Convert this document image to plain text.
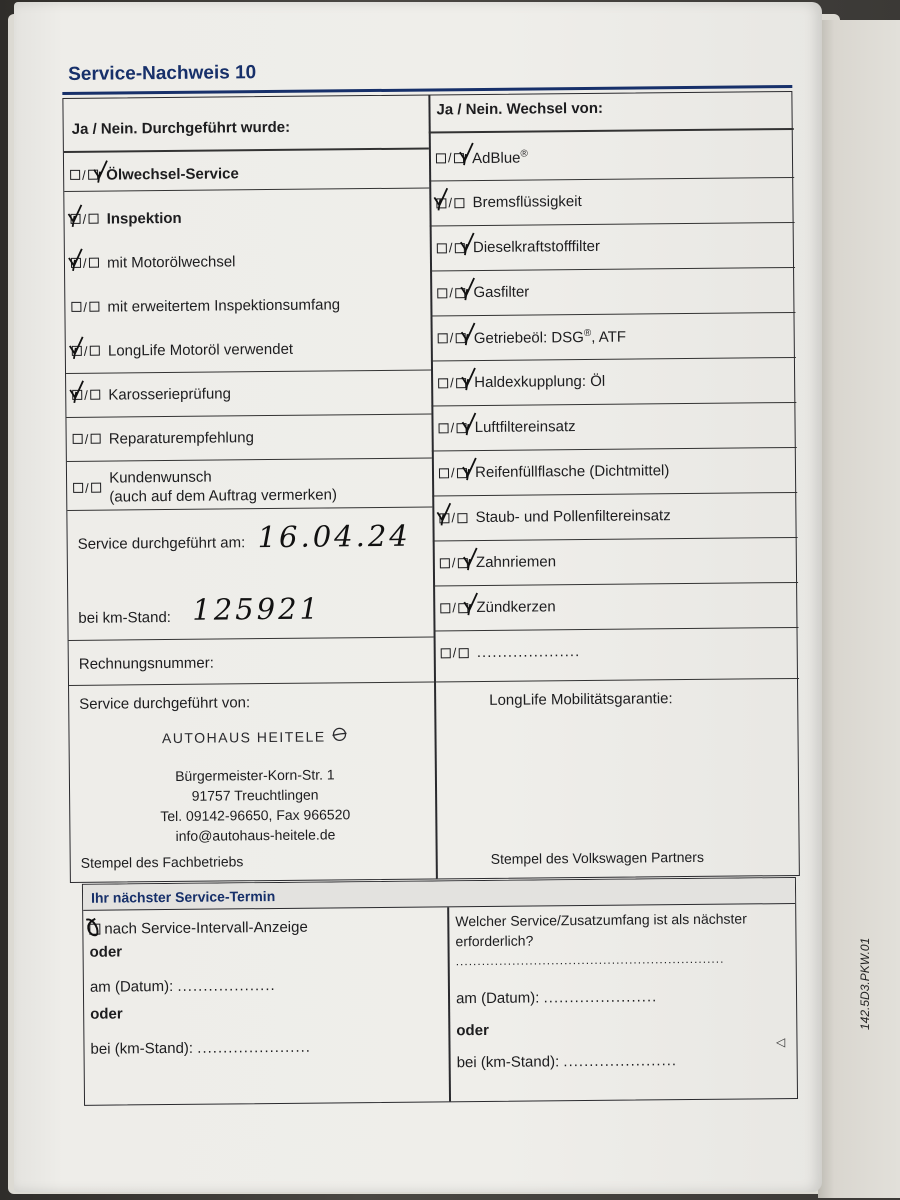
Service-Nachweis 10
Ja / Nein. Durchgeführt wurde:
Ja / Nein. Wechsel von:
/ Ölwechsel-Service
/ Inspektion
/ mit Motorölwechsel
/ mit erweitertem Inspektionsumfang
/ LongLife Motoröl verwendet
/ Karosserieprüfung
/ Reparaturempfehlung
/
Kundenwunsch
(auch auf dem Auftrag vermerken)
/ AdBlue®
/ Bremsflüssigkeit
/ Dieselkraftstofffilter
/ Gasfilter
/ Getriebeöl: DSG®, ATF
/ Haldexkupplung: Öl
/ Luftfiltereinsatz
/ Reifenfüllflasche (Dichtmittel)
/ Staub- und Pollenfiltereinsatz
/ Zahnriemen
/ Zündkerzen
/ ....................
Service durchgeführt am: 16.04.24
bei km-Stand: 125921
Rechnungsnummer:
Service durchgeführt von:
AUTOHAUS HEITELE
Bürgermeister-Korn-Str. 1
91757 Treuchtlingen
Tel. 09142-96650, Fax 966520
info@autohaus-heitele.de
Stempel des Fachbetriebs
LongLife Mobilitätsgarantie:
Stempel des Volkswagen Partners
Ihr nächster Service-Termin
nach Service-Intervall-Anzeige
oder
am (Datum):
...................
oder
bei (km-Stand):
......................
Welcher Service/Zusatzumfang ist als nächster
erforderlich?
..............................................................
am (Datum):
......................
oder
bei (km-Stand):
......................
◁
